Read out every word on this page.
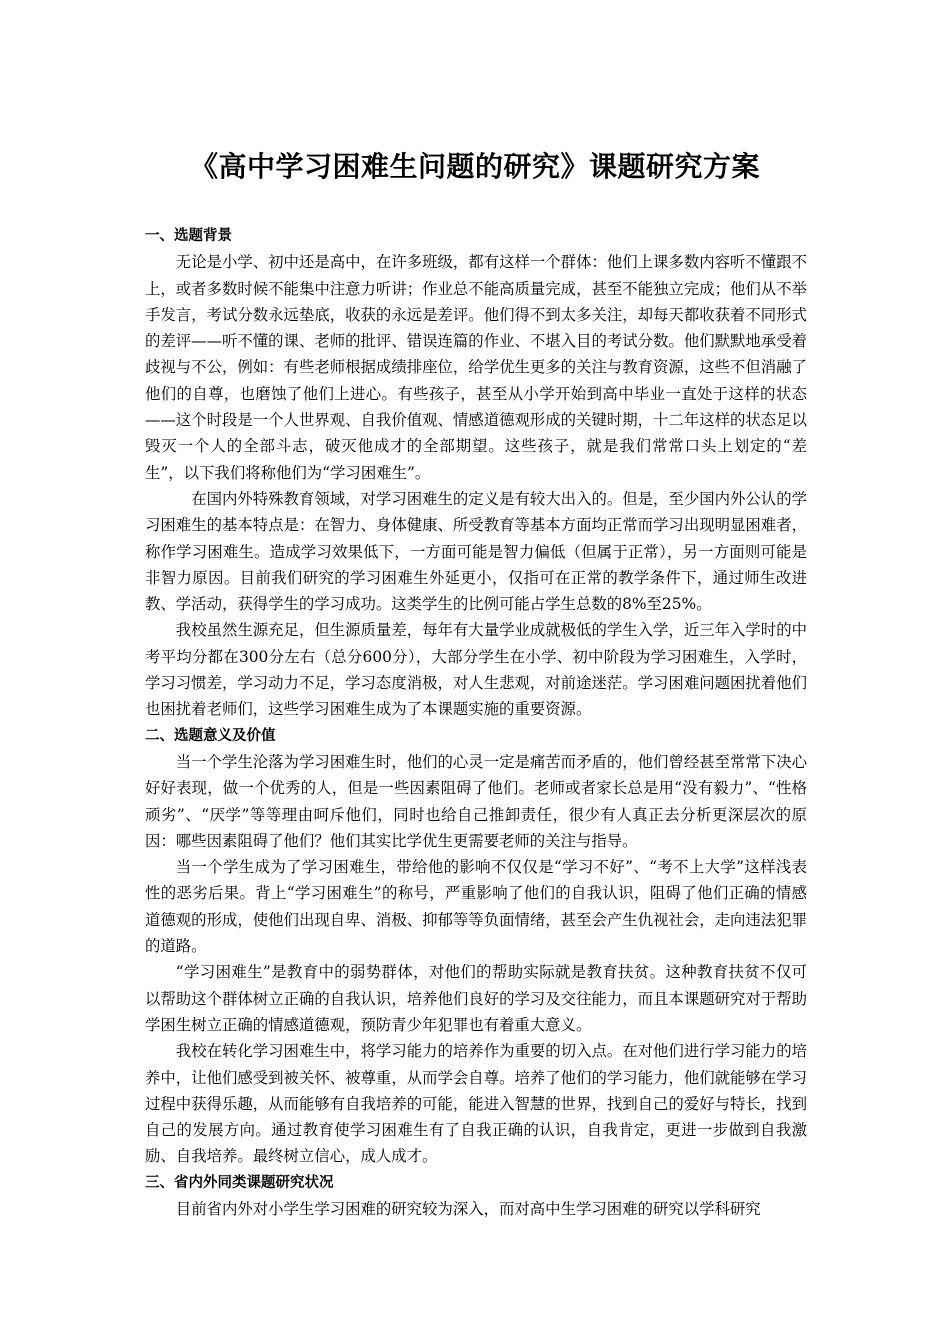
《高中学习困难生问题的研究》课题研究方案

一、选题背景

无论是小学、初中还是高中，在许多班级，都有这样一个群体：他们上课多数内容听不懂跟不上，或者多数时候不能集中注意力听讲；作业总不能高质量完成，甚至不能独立完成；他们从不举手发言，考试分数永远垫底，收获的永远是差评。他们得不到太多关注，却每天都收获着不同形式的差评——听不懂的课、老师的批评、错误连篇的作业、不堪入目的考试分数。他们默默地承受着歧视与不公，例如：有些老师根据成绩排座位，给学优生更多的关注与教育资源，这些不但消融了他们的自尊，也磨蚀了他们上进心。有些孩子，甚至从小学开始到高中毕业一直处于这样的状态——这个时段是一个人世界观、自我价值观、情感道德观形成的关键时期，十二年这样的状态足以毁灭一个人的全部斗志，破灭他成才的全部期望。这些孩子，就是我们常常口头上划定的“差生”，以下我们将称他们为“学习困难生”。

在国内外特殊教育领域，对学习困难生的定义是有较大出入的。但是，至少国内外公认的学习困难生的基本特点是：在智力、身体健康、所受教育等基本方面均正常而学习出现明显困难者，称作学习困难生。造成学习效果低下，一方面可能是智力偏低（但属于正常），另一方面则可能是非智力原因。目前我们研究的学习困难生外延更小，仅指可在正常的教学条件下，通过师生改进教、学活动，获得学生的学习成功。这类学生的比例可能占学生总数的8%至25%。

我校虽然生源充足，但生源质量差，每年有大量学业成就极低的学生入学，近三年入学时的中考平均分都在300分左右（总分600分），大部分学生在小学、初中阶段为学习困难生，入学时，学习习惯差，学习动力不足，学习态度消极，对人生悲观，对前途迷茫。学习困难问题困扰着他们也困扰着老师们，这些学习困难生成为了本课题实施的重要资源。

二、选题意义及价值

当一个学生沦落为学习困难生时，他们的心灵一定是痛苦而矛盾的，他们曾经甚至常常下决心好好表现，做一个优秀的人，但是一些因素阻碍了他们。老师或者家长总是用“没有毅力”、“性格顽劣”、“厌学”等等理由呵斥他们，同时也给自己推卸责任，很少有人真正去分析更深层次的原因：哪些因素阻碍了他们？他们其实比学优生更需要老师的关注与指导。

当一个学生成为了学习困难生，带给他的影响不仅仅是“学习不好”、“考不上大学”这样浅表性的恶劣后果。背上“学习困难生”的称号，严重影响了他们的自我认识，阻碍了他们正确的情感道德观的形成，使他们出现自卑、消极、抑郁等等负面情绪，甚至会产生仇视社会，走向违法犯罪的道路。

“学习困难生”是教育中的弱势群体，对他们的帮助实际就是教育扶贫。这种教育扶贫不仅可以帮助这个群体树立正确的自我认识，培养他们良好的学习及交往能力，而且本课题研究对于帮助学困生树立正确的情感道德观，预防青少年犯罪也有着重大意义。

我校在转化学习困难生中，将学习能力的培养作为重要的切入点。在对他们进行学习能力的培养中，让他们感受到被关怀、被尊重，从而学会自尊。培养了他们的学习能力，他们就能够在学习过程中获得乐趣，从而能够有自我培养的可能，能进入智慧的世界，找到自己的爱好与特长，找到自己的发展方向。通过教育使学习困难生有了自我正确的认识，自我肯定，更进一步做到自我激励、自我培养。最终树立信心，成人成才。

三、省内外同类课题研究状况

目前省内外对小学生学习困难的研究较为深入，而对高中生学习困难的研究以学科研究
